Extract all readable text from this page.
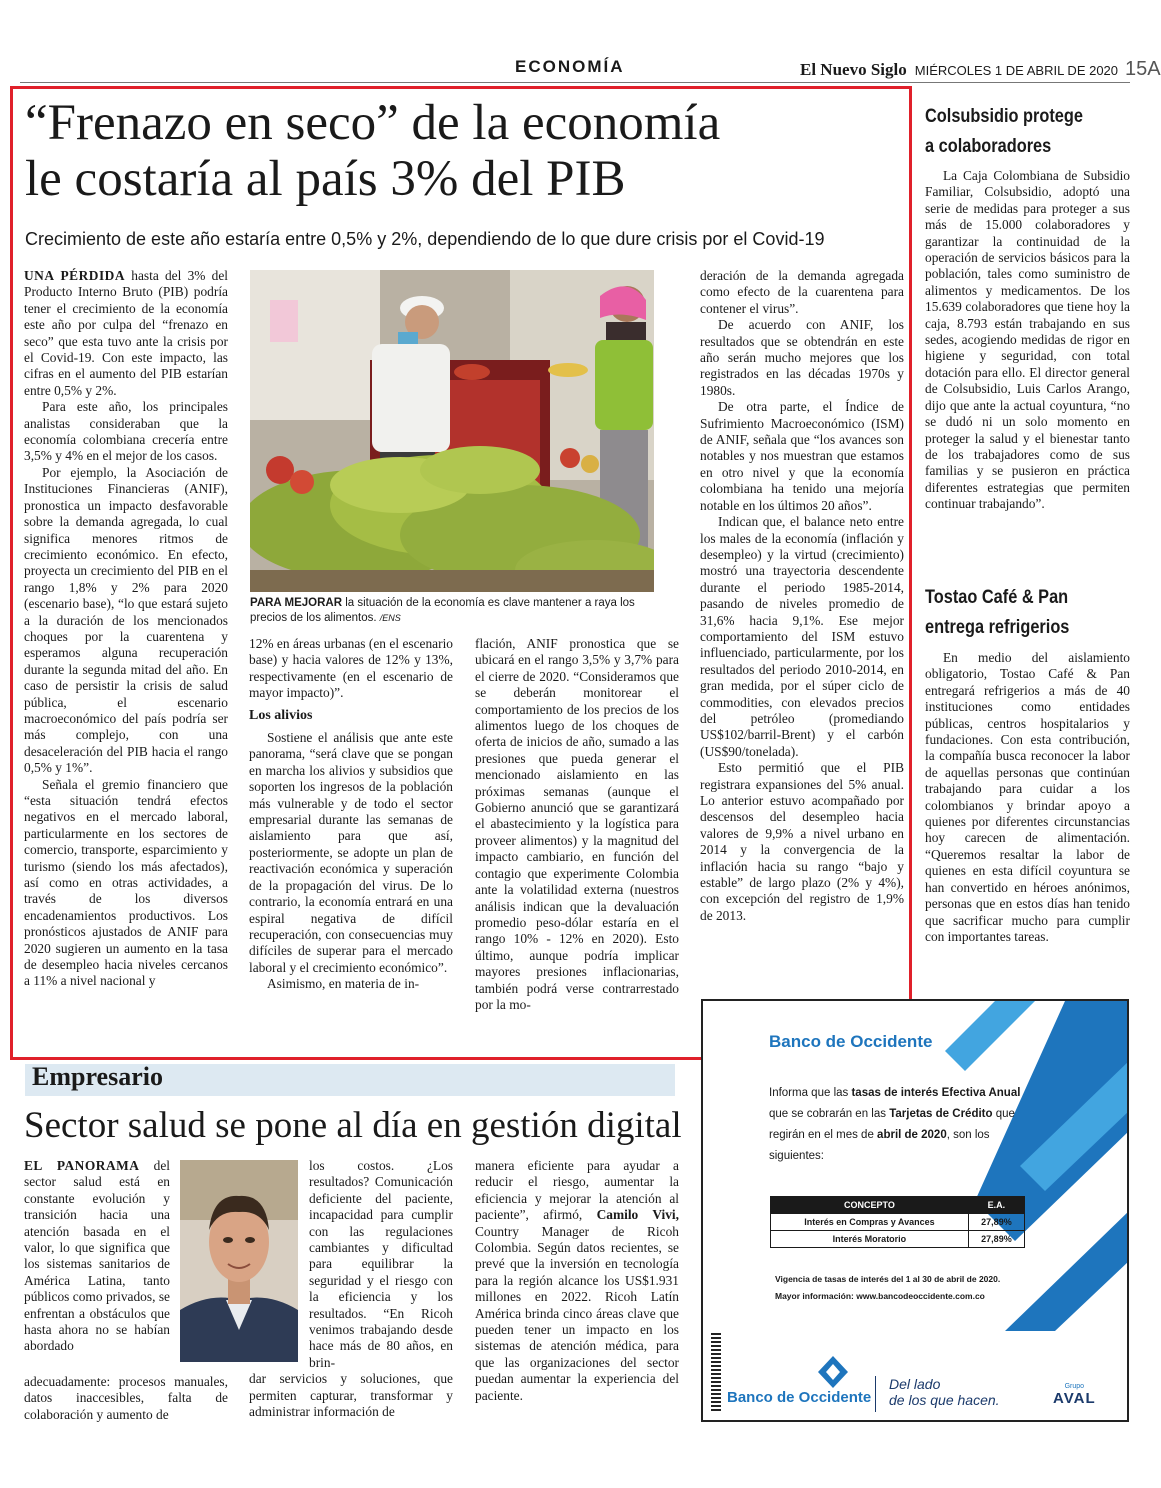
ECONOMÍA	El Nuevo Siglo MIÉRCOLES 1 DE ABRIL DE 2020 15A
“Frenazo en seco” de la economía
le costaría al país 3% del PIB
Crecimiento de este año estaría entre 0,5% y 2%, dependiendo de lo que dure crisis por el Covid-19

UNA PÉRDIDA hasta del 3% del Producto Interno Bruto (PIB) podría tener el crecimiento de la economía este año por culpa del “frenazo en seco” que esta tuvo ante la crisis por el Covid-19. Con este impacto, las cifras en el aumento del PIB estarían entre 0,5% y 2%.

Para este año, los principales analistas consideraban que la economía colombiana crecería entre 3,5% y 4% en el mejor de los casos.

Por ejemplo, la Asociación de Instituciones Financieras (ANIF), pronostica un impacto desfavorable sobre la demanda agregada, lo cual significa menores ritmos de crecimiento económico. En efecto, proyecta un crecimiento del PIB en el rango 1,8% y 2% para 2020 (escenario base), “lo que estará sujeto a la duración de los mencionados choques por la cuarentena y esperamos alguna recuperación durante la segunda mitad del año. En caso de persistir la crisis de salud pública, el escenario macroeconómico del país podría ser más complejo, con una desaceleración del PIB hacia el rango 0,5% y 1%”.

Señala el gremio financiero que “esta situación tendrá efectos negativos en el mercado laboral, particularmente en los sectores de comercio, transporte, esparcimiento y turismo (siendo los más afectados), así como en otras actividades, a través de los diversos encadenamientos productivos. Los pronósticos ajustados de ANIF para 2020 sugieren un aumento en la tasa de desempleo hacia niveles cercanos a 11% a nivel nacional y

PARA MEJORAR la situación de la economía es clave mantener a raya los precios de los alimentos. /ENS

12% en áreas urbanas (en el escenario base) y hacia valores de 12% y 13%, respectivamente (en el escenario de mayor impacto)”.

Los alivios

Sostiene el análisis que ante este panorama, “será clave que se pongan en marcha los alivios y subsidios que soporten los ingresos de la población más vulnerable y de todo el sector empresarial durante las semanas de aislamiento para que así, posteriormente, se adopte un plan de reactivación económica y superación de la propagación del virus. De lo contrario, la economía entrará en una espiral negativa de difícil recuperación, con consecuencias muy difíciles de superar para el mercado laboral y el crecimiento económico”.

Asimismo, en materia de in-

flación, ANIF pronostica que se ubicará en el rango 3,5% y 3,7% para el cierre de 2020. “Consideramos que se deberán monitorear el comportamiento de los precios de los alimentos luego de los choques de oferta de inicios de año, sumado a las presiones que pueda generar el mencionado aislamiento en las próximas semanas (aunque el Gobierno anunció que se garantizará el abastecimiento y la logística para proveer alimentos) y la magnitud del impacto cambiario, en función del contagio que experimente Colombia ante la volatilidad externa (nuestros análisis indican que la devaluación promedio peso-dólar estaría en el rango 10% - 12% en 2020). Esto último, aunque podría implicar mayores presiones inflacionarias, también podrá verse contrarrestado por la mo-

deración de la demanda agregada como efecto de la cuarentena para contener el virus”.

De acuerdo con ANIF, los resultados que se obtendrán en este año serán mucho mejores que los registrados en las décadas 1970s y 1980s.

De otra parte, el Índice de Sufrimiento Macroeconómico (ISM) de ANIF, señala que “los avances son notables y nos muestran que estamos en otro nivel y que la economía colombiana ha tenido una mejoría notable en los últimos 20 años”.

Indican que, el balance neto entre los males de la economía (inflación y desempleo) y la virtud (crecimiento) mostró una trayectoria descendente durante el periodo 1985-2014, pasando de niveles promedio de 31,6% hacia 9,1%. Ese mejor comportamiento del ISM estuvo influenciado, particularmente, por los resultados del periodo 2010-2014, en gran medida, por el súper ciclo de commodities, con elevados precios del petróleo (promediando US$102/barril-Brent) y el carbón (US$90/tonelada).

Esto permitió que el PIB registrara expansiones del 5% anual. Lo anterior estuvo acompañado por descensos del desempleo hacia valores de 9,9% a nivel urbano en 2014 y la convergencia de la inflación hacia su rango “bajo y estable” de largo plazo (2% y 4%), con excepción del registro de 1,9% de 2013.

Colsubsidio protege
a colaboradores

La Caja Colombiana de Subsidio Familiar, Colsubsidio, adoptó una serie de medidas para proteger a sus más de 15.000 colaboradores y garantizar la continuidad de la operación de servicios básicos para la población, tales como suministro de alimentos y medicamentos. De los 15.639 colaboradores que tiene hoy la caja, 8.793 están trabajando en sus sedes, acogiendo medidas de rigor en higiene y seguridad, con total dotación para ello. El director general de Colsubsidio, Luis Carlos Arango, dijo que ante la actual coyuntura, “no se dudó ni un solo momento en proteger la salud y el bienestar tanto de los trabajadores como de sus familias y se pusieron en práctica diferentes estrategias que permiten continuar trabajando”.

Tostao Café & Pan
entrega refrigerios

En medio del aislamiento obligatorio, Tostao Café & Pan entregará refrigerios a más de 40 instituciones como entidades públicas, centros hospitalarios y fundaciones. Con esta contribución, la compañía busca reconocer la labor de aquellas personas que continúan trabajando para cuidar a los colombianos y brindar apoyo a quienes por diferentes circunstancias hoy carecen de alimentación. “Queremos resaltar la labor de quienes en esta difícil coyuntura se han convertido en héroes anónimos, personas que en estos días han tenido que sacrificar mucho para cumplir con importantes tareas.

Empresario
Sector salud se pone al día en gestión digital

EL PANORAMA del sector salud está en constante evolución y transición hacia una atención basada en el valor, lo que significa que los sistemas sanitarios de América Latina, tanto públicos como privados, se enfrentan a obstáculos que hasta ahora no se habían abordado

adecuadamente: procesos manuales, datos inaccesibles, falta de colaboración y aumento de

los costos. ¿Los resultados? Comunicación deficiente del paciente, incapacidad para cumplir con las regulaciones cambiantes y dificultad para equilibrar la seguridad y el riesgo con la eficiencia y los resultados. “En Ricoh venimos trabajando desde hace más de 80 años, en brin-

dar servicios y soluciones, que permiten capturar, transformar y administrar información de

manera eficiente para ayudar a reducir el riesgo, aumentar la eficiencia y mejorar la atención al paciente”, afirmó, Camilo Vivi, Country Manager de Ricoh Colombia. Según datos recientes, se prevé que la inversión en tecnología para la región alcance los US$1.931 millones en 2022. Ricoh Latín América brinda cinco áreas clave que pueden tener un impacto en los sistemas de atención médica, para que las organizaciones del sector puedan aumentar la experiencia del paciente.

Banco de Occidente
Informa que las tasas de interés Efectiva Anual que se cobrarán en las Tarjetas de Crédito que regirán en el mes de abril de 2020, son los siguientes:
CONCEPTO	E.A.
Interés en Compras y Avances	27,89%
Interés Moratorio	27,89%
Vigencia de tasas de interés del 1 al 30 de abril de 2020.
Mayor información: www.bancodeoccidente.com.co
Banco de Occidente
Del lado
de los que hacen.
Grupo
AVAL
